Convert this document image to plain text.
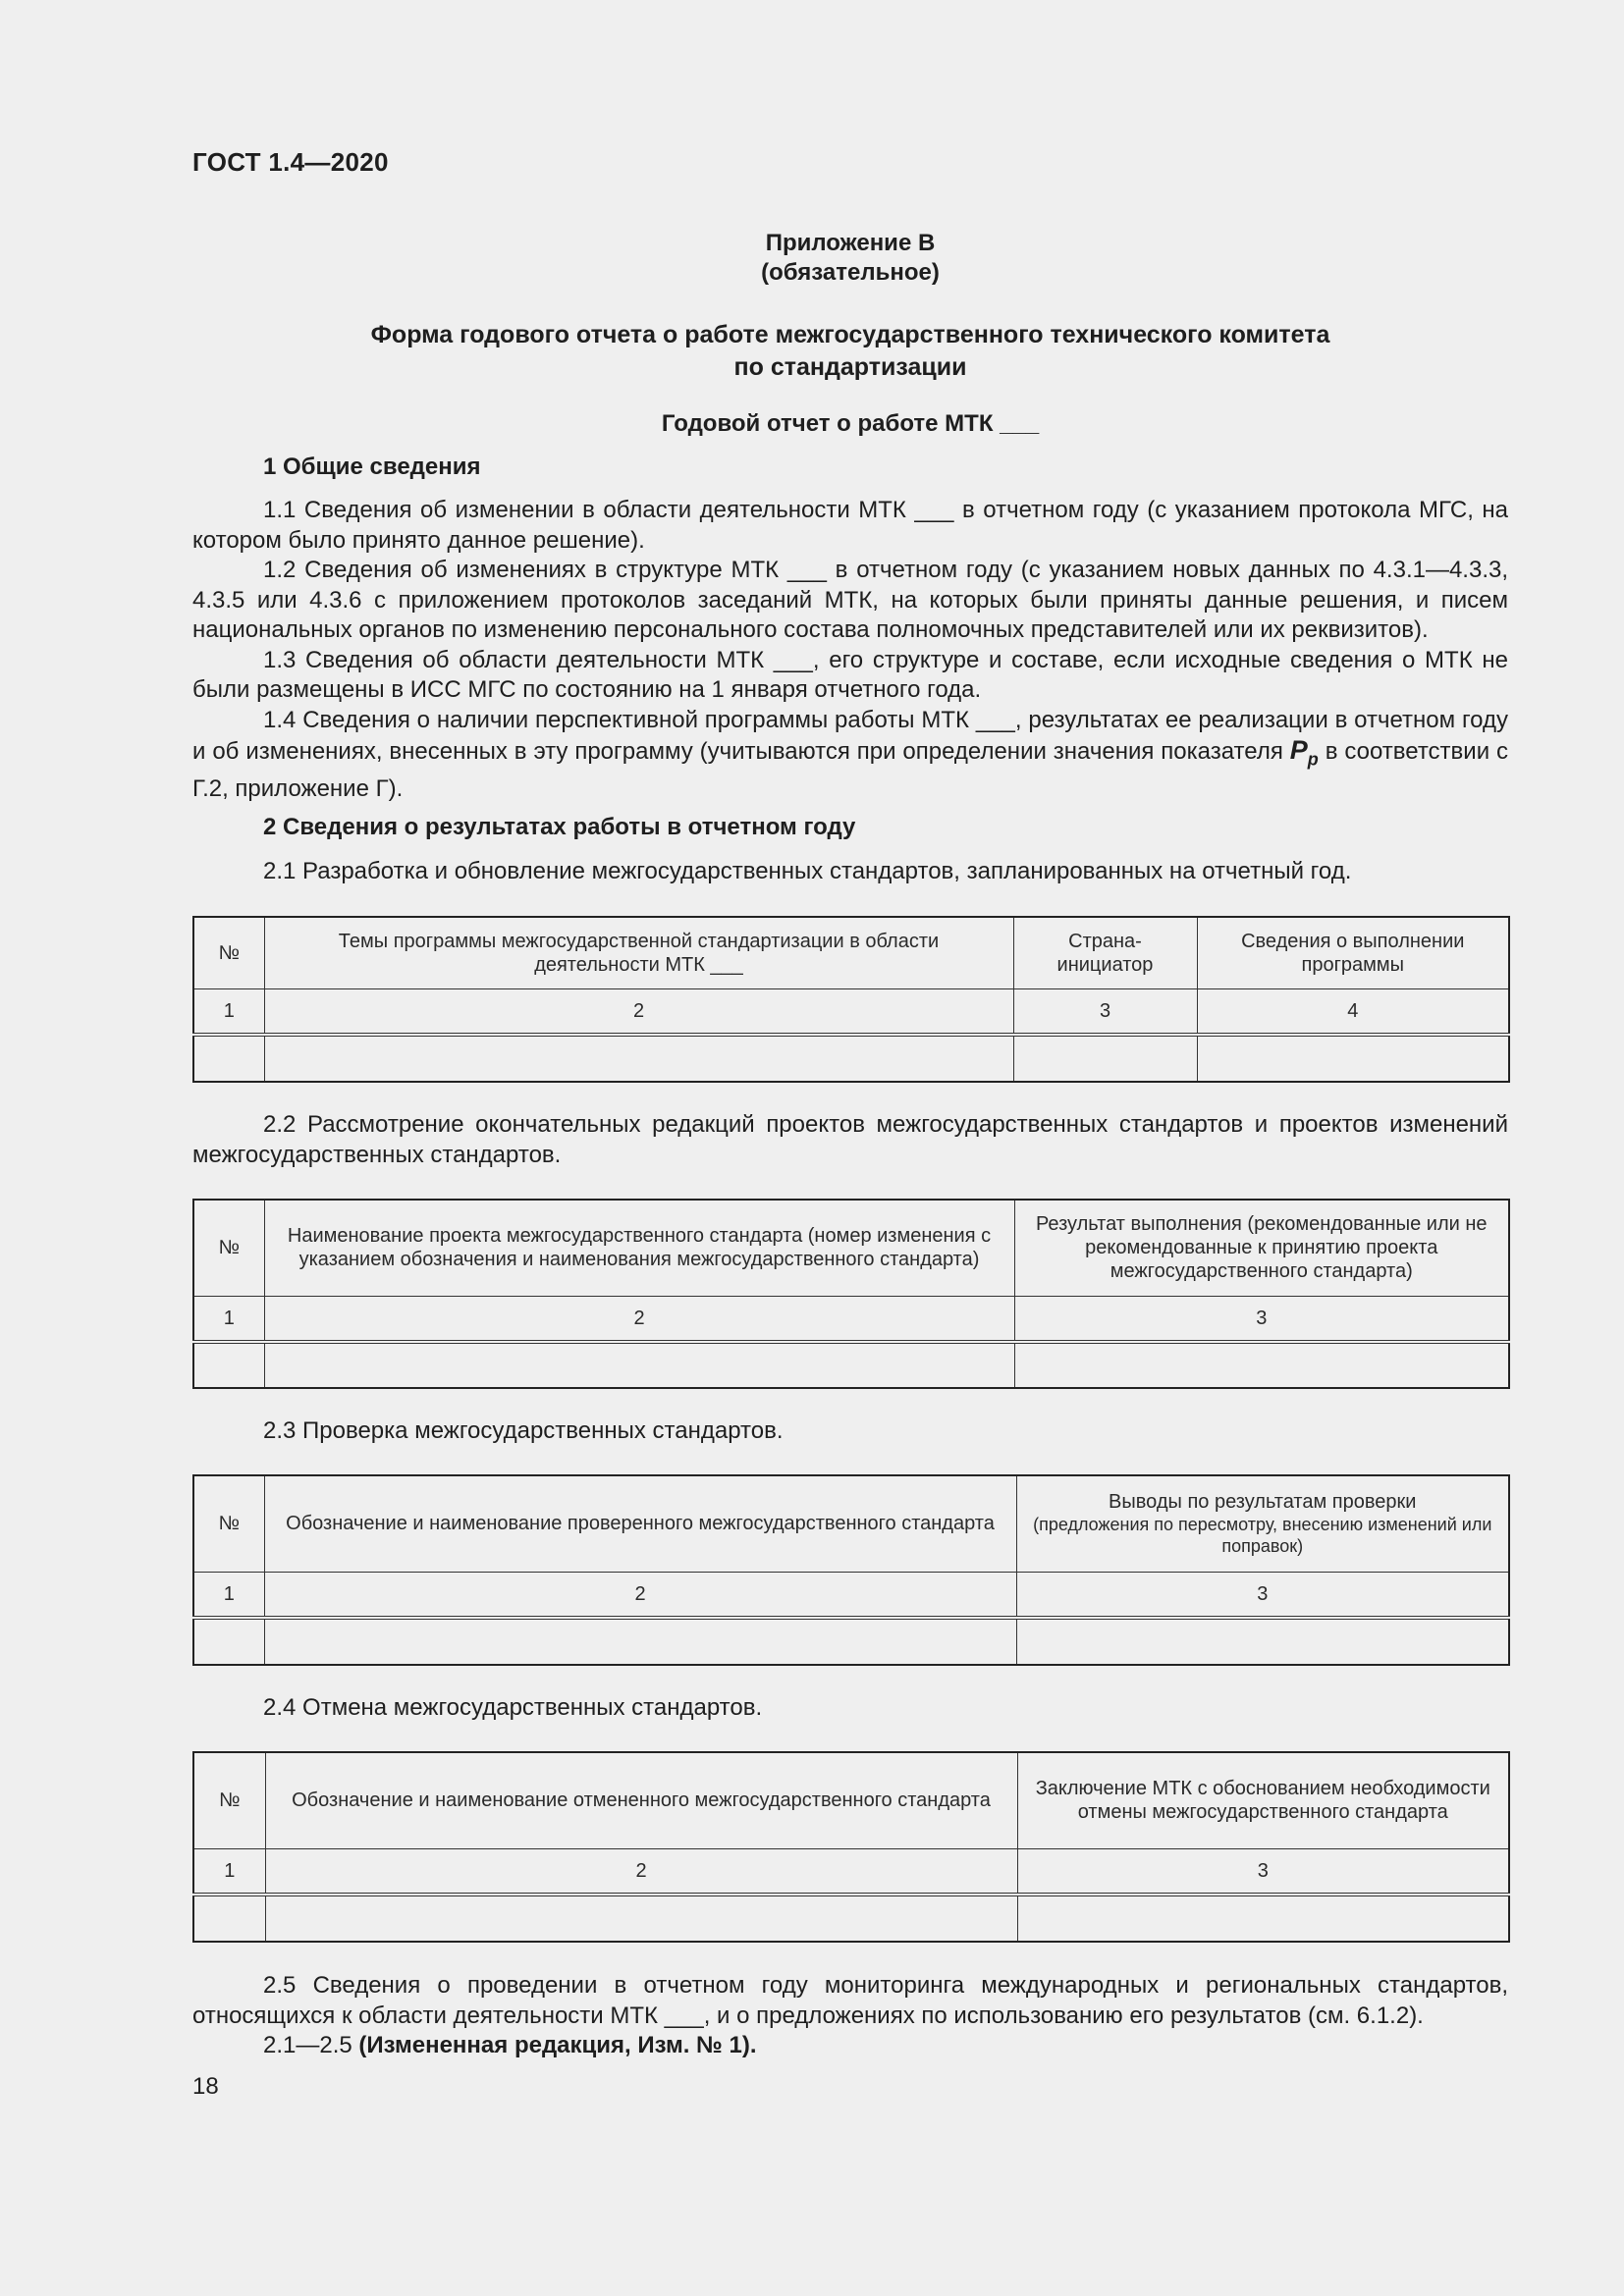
ГОСТ 1.4—2020
Приложение В
(обязательное)
Форма годового отчета о работе межгосударственного технического комитета
по стандартизации
Годовой отчет о работе МТК ___
1 Общие сведения

1.1 Сведения об изменении в области деятельности МТК ___ в отчетном году (с указанием протокола МГС, на котором было принято данное решение).

1.2 Сведения об изменениях в структуре МТК ___ в отчетном году (с указанием новых данных по 4.3.1—4.3.3, 4.3.5 или 4.3.6 с приложением протоколов заседаний МТК, на которых были приняты данные решения, и писем национальных органов по изменению персонального состава полномочных представителей или их реквизитов).

1.3 Сведения об области деятельности МТК ___, его структуре и составе, если исходные сведения о МТК не были размещены в ИСС МГС по состоянию на 1 января отчетного года.

1.4 Сведения о наличии перспективной программы работы МТК ___, результатах ее реализации в отчетном году и об изменениях, внесенных в эту программу (учитываются при определении значения показателя $P_p$ в соответствии с Г.2, приложение Г).

2 Сведения о результатах работы в отчетном году

2.1 Разработка и обновление межгосударственных стандартов, запланированных на отчетный год.

№	Темы программы межгосударственной стандартизации в области деятельности МТК ___	Страна-инициатор	Сведения о выполнении программы
1	2	3	4

2.2 Рассмотрение окончательных редакций проектов межгосударственных стандартов и проектов изменений межгосударственных стандартов.

№	Наименование проекта межгосударственного стандарта (номер изменения с указанием обозначения и наименования межгосударственного стандарта)	Результат выполнения (рекомендованные или не рекомендованные к принятию проекта межгосударственного стандарта)
1	2	3

2.3 Проверка межгосударственных стандартов.

№	Обозначение и наименование проверенного межгосударственного стандарта	Выводы по результатам проверки
(предложения по пересмотру, внесению изменений или поправок)

1	2	3

2.4 Отмена межгосударственных стандартов.

№	Обозначение и наименование отмененного межгосударственного стандарта	Заключение МТК с обоснованием необходимости отмены межгосударственного стандарта
1	2	3

2.5 Сведения о проведении в отчетном году мониторинга международных и региональных стандартов, относящихся к области деятельности МТК ___, и о предложениях по использованию его результатов (см. 6.1.2).

2.1—2.5 (Измененная редакция, Изм. № 1).

18
